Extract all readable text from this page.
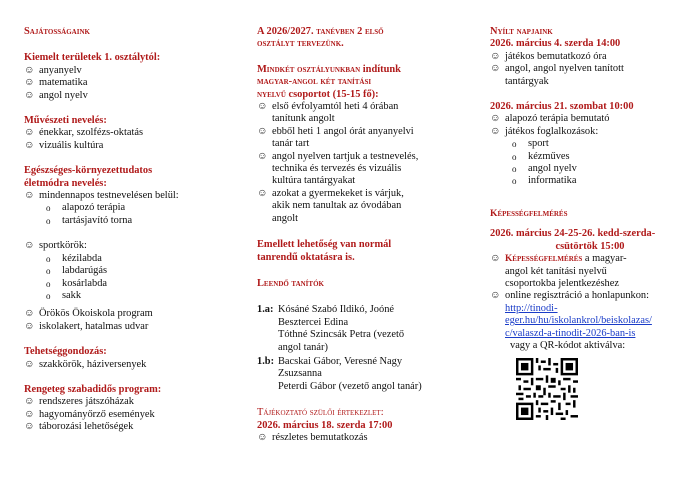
Sajátosságaink
Kiemelt területek 1. osztálytól:
☺ anyanyelv
☺ matematika
☺ angol nyelv
Művészeti nevelés:
☺ énekkar, szolfézs-oktatás
☺ vizuális kultúra
Egészséges-környezettudatos
életmódra nevelés:
☺ mindennapos testnevelésen belül:
o	alapozó terápia
o	tartásjavító torna
☺ sportkörök:
o	kézilabda
o	labdarúgás
o	kosárlabda
o	sakk
☺ Örökös Ökoiskola program
☺ iskolakert, hatalmas udvar
Tehetséggondozás:
☺ szakkörök, háziversenyek
Rengeteg szabadidős program:
☺ rendszeres játszóházak
☺ hagyományőrző események
☺ táborozási lehetőségek
A 2026/2027. tanévben 2 első
osztályt tervezünk.
Mindkét osztályunkban indítunk
magyar-angol két tanítási
nyelvű csoportot (15-15 fő):
☺ első évfolyamtól heti 4 órában
tanítunk angolt
☺ ebből heti 1 angol órát anyanyelvi
tanár tart
☺ angol nyelven tartjuk a testnevelés,
technika és tervezés és vizuális
kultúra tantárgyakat
☺ azokat a gyermekeket is várjuk,
akik nem tanultak az óvodában
angolt
Emellett lehetőség van normál
tanrendű oktatásra is.
Leendő tanítók
1.a: Kósáné Szabó Ildikó, Joóné
Besztercei Edina
Tóthné Szincsák Petra (vezető
angol tanár)
1.b: Bacskai Gábor, Veresné Nagy
Zsuzsanna
Peterdi Gábor (vezető angol tanár)
Tájékoztató szülői értekezlet:
2026. március 18. szerda 17:00
☺ részletes bemutatkozás
Nyílt napjaink
2026. március 4. szerda 14:00
☺ játékos bemutatkozó óra
☺ angol, angol nyelven tanított
tantárgyak
2026. március 21. szombat 10:00
☺ alapozó terápia bemutató
☺ játékos foglalkozások:
o	sport
o	kézműves
o	angol nyelv
o	informatika
Képességfelmérés
2026. március 24-25-26. kedd-szerda-
csütörtök 15:00
☺ Képességfelmérés a magyar-
angol két tanítási nyelvű
csoportokba jelentkezéshez
☺ online regisztráció a honlapunkon:
http://tinodi-
eger.hu/hu/iskolankrol/beiskolazas/
c/valaszd-a-tinodit-2026-ban-is
vagy a QR-kódot aktiválva:
